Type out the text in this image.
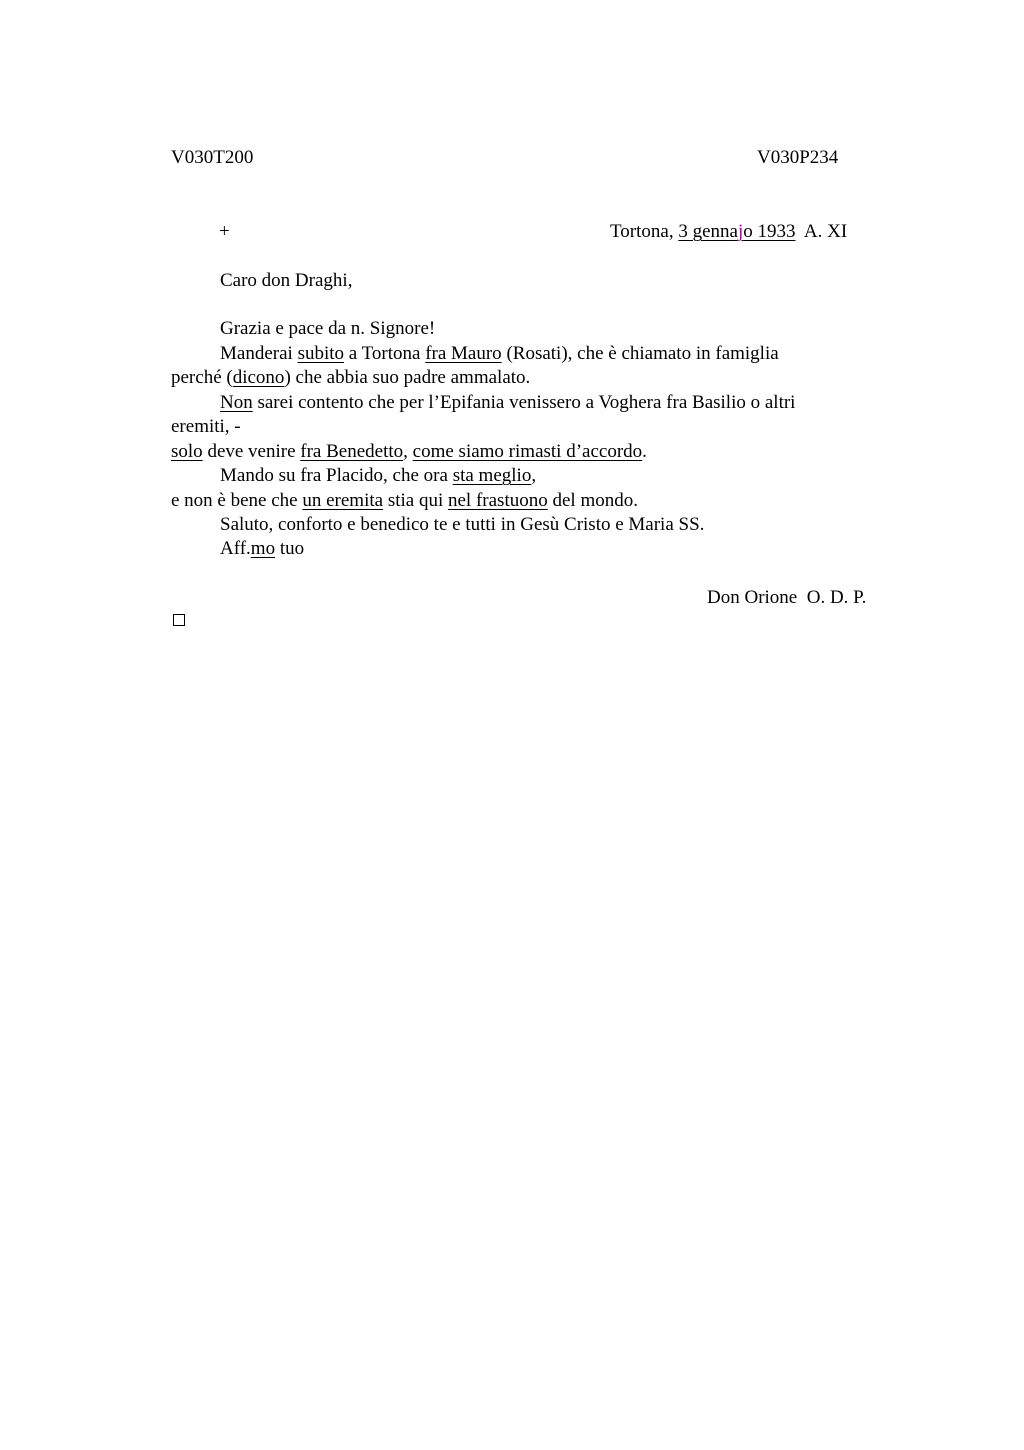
V030T200	V030P234
+	Tortona, 3 gennajo 1933  A. XI
Caro don Draghi,
Grazia e pace da n. Signore!
Manderai subito a Tortona fra Mauro (Rosati), che è chiamato in famiglia
perché (dicono) che abbia suo padre ammalato.
Non sarei contento che per l’Epifania venissero a Voghera fra Basilio o altri
eremiti, -
solo deve venire fra Benedetto, come siamo rimasti d’accordo.
Mando su fra Placido, che ora sta meglio,
e non è bene che un eremita stia qui nel frastuono del mondo.
Saluto, conforto e benedico te e tutti in Gesù Cristo e Maria SS.
Aff.mo tuo
Don Orione  O. D. P.
